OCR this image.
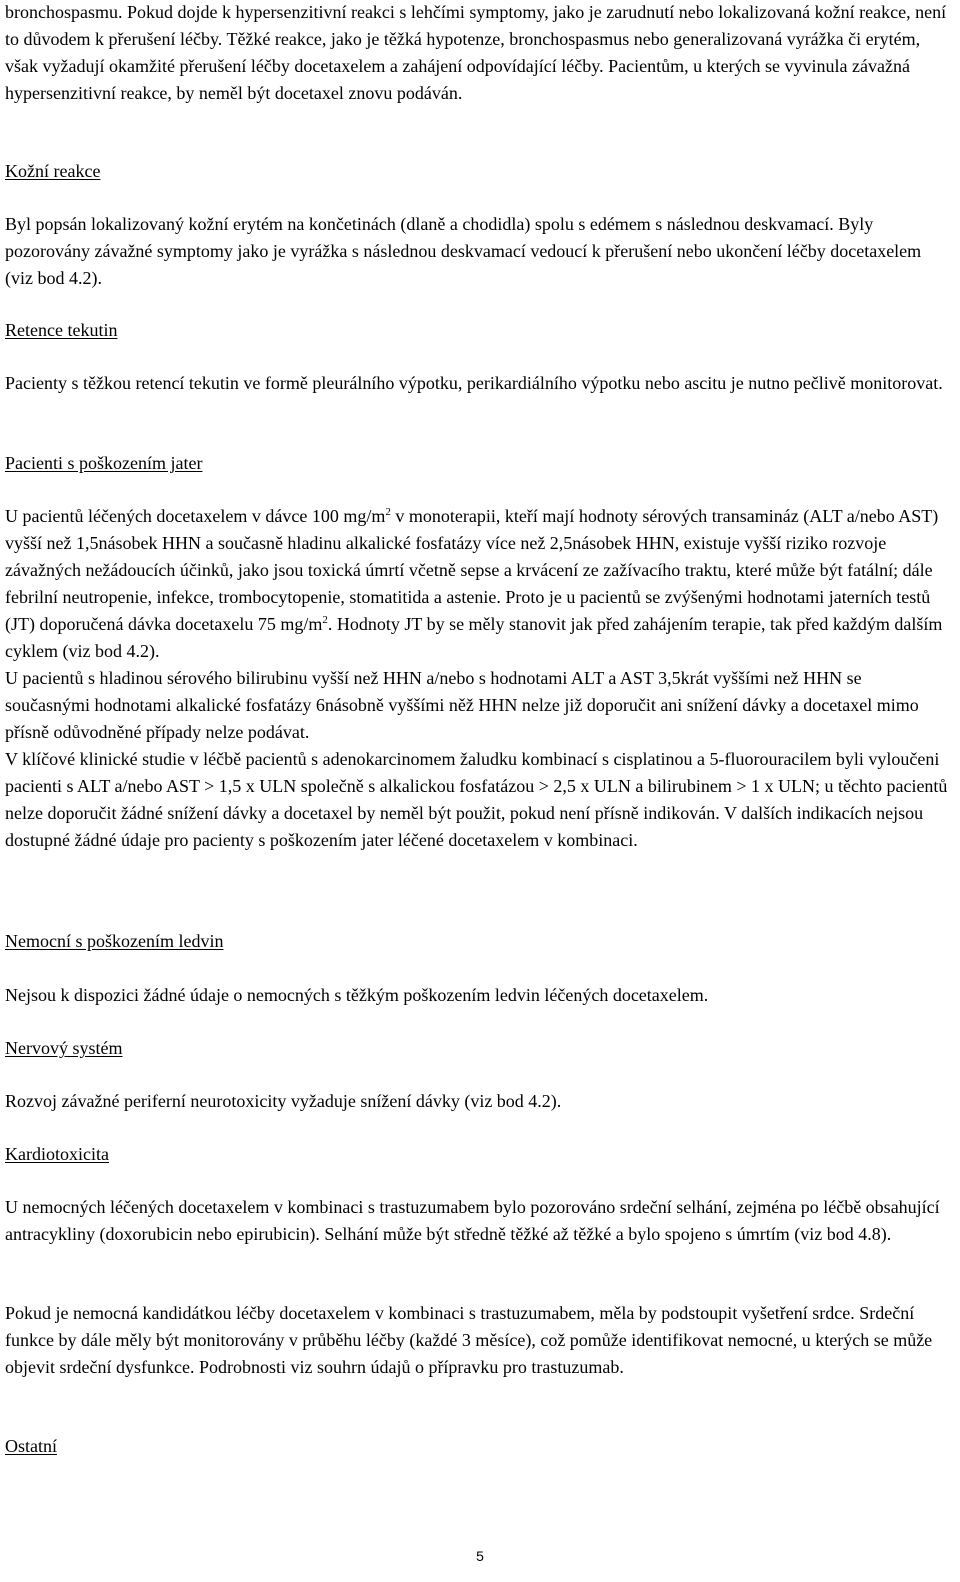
bronchospasmu. Pokud dojde k hypersenzitivní reakci s lehčími symptomy, jako je zarudnutí nebo lokalizovaná kožní reakce, není to důvodem k přerušení léčby. Těžké reakce, jako je těžká hypotenze, bronchospasmus nebo generalizovaná vyrážka či erytém, však vyžadují okamžité přerušení léčby docetaxelem a zahájení odpovídající léčby. Pacientům, u kterých se vyvinula závažná hypersenzitivní reakce, by neměl být docetaxel znovu podáván.

Kožní reakce

Byl popsán lokalizovaný kožní erytém na končetinách (dlaně a chodidla) spolu s edémem s následnou deskvamací. Byly pozorovány závažné symptomy jako je vyrážka s následnou deskvamací vedoucí k přerušení nebo ukončení léčby docetaxelem (viz bod 4.2).

Retence tekutin

Pacienty s těžkou retencí tekutin ve formě pleurálního výpotku, perikardiálního výpotku nebo ascitu je nutno pečlivě monitorovat.

Pacienti s poškozením jater

U pacientů léčených docetaxelem v dávce 100 $mg/m^2$ v monoterapii, kteří mají hodnoty sérových transamináz (ALT a/nebo AST) vyšší než 1,5násobek HHN a současně hladinu alkalické fosfatázy více než 2,5násobek HHN, existuje vyšší riziko rozvoje závažných nežádoucích účinků, jako jsou toxická úmrtí včetně sepse a krvácení ze zažívacího traktu, které může být fatální; dále febrilní neutropenie, infekce, trombocytopenie, stomatitida a astenie. Proto je u pacientů se zvýšenými hodnotami jaterních testů (JT) doporučená dávka docetaxelu 75 $mg/m^2$. Hodnoty JT by se měly stanovit jak před zahájením terapie, tak před každým dalším cyklem (viz bod 4.2).

U pacientů s hladinou sérového bilirubinu vyšší než HHN a/nebo s hodnotami ALT a AST 3,5krát vyššími než HHN se současnými hodnotami alkalické fosfatázy 6násobně vyššími něž HHN nelze již doporučit ani snížení dávky a docetaxel mimo přísně odůvodněné případy nelze podávat.

V klíčové klinické studie v léčbě pacientů s adenokarcinomem žaludku kombinací s cisplatinou a 5-fluorouracilem byli vyloučeni pacienti s ALT a/nebo AST > 1,5 x ULN společně s alkalickou fosfatázou > 2,5 x ULN a bilirubinem > 1 x ULN; u těchto pacientů nelze doporučit žádné snížení dávky a docetaxel by neměl být použit, pokud není přísně indikován. V dalších indikacích nejsou dostupné žádné údaje pro pacienty s poškozením jater léčené docetaxelem v kombinaci.

Nemocní s poškozením ledvin

Nejsou k dispozici žádné údaje o nemocných s těžkým poškozením ledvin léčených docetaxelem.

Nervový systém

Rozvoj závažné periferní neurotoxicity vyžaduje snížení dávky (viz bod 4.2).

Kardiotoxicita

U nemocných léčených docetaxelem v kombinaci s trastuzumabem bylo pozorováno srdeční selhání, zejména po léčbě obsahující antracykliny (doxorubicin nebo epirubicin). Selhání může být středně těžké až těžké a bylo spojeno s úmrtím (viz bod 4.8).

Pokud je nemocná kandidátkou léčby docetaxelem v kombinaci s trastuzumabem, měla by podstoupit vyšetření srdce. Srdeční funkce by dále měly být monitorovány v průběhu léčby (každé 3 měsíce), což pomůže identifikovat nemocné, u kterých se může objevit srdeční dysfunkce. Podrobnosti viz souhrn údajů o přípravku pro trastuzumab.

Ostatní
5
